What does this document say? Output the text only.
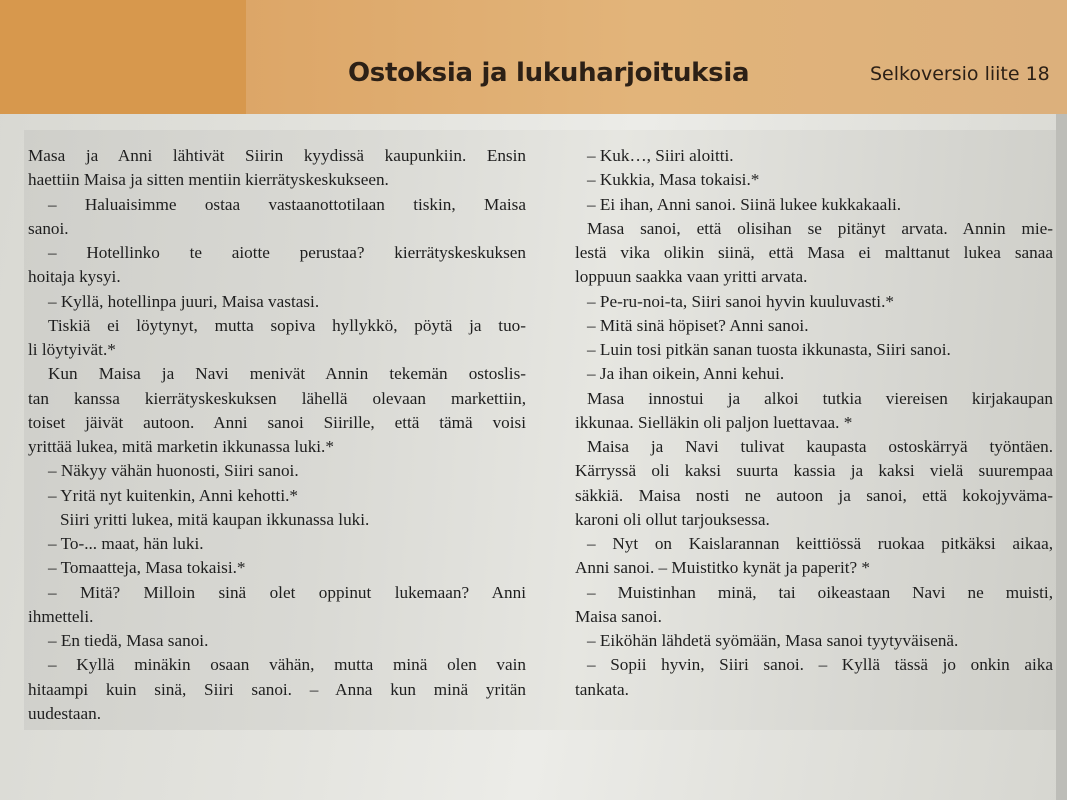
Ostoksia ja lukuharjoituksia	Selkoversio liite 18
Masa ja Anni lähtivät Siirin kyydissä kaupunkiin. Ensin
haettiin Maisa ja sitten mentiin kierrätyskeskukseen.
– Haluaisimme ostaa vastaanottotilaan tiskin, Maisa
sanoi.
– Hotellinko te aiotte perustaa? kierrätyskeskuksen
hoitaja kysyi.
– Kyllä, hotellinpa juuri, Maisa vastasi.
Tiskiä ei löytynyt, mutta sopiva hyllykkö, pöytä ja tuo-
li löytyivät.*
Kun Maisa ja Navi menivät Annin tekemän ostoslis-
tan kanssa kierrätyskeskuksen lähellä olevaan markettiin,
toiset jäivät autoon. Anni sanoi Siirille, että tämä voisi
yrittää lukea, mitä marketin ikkunassa luki.*
– Näkyy vähän huonosti, Siiri sanoi.
– Yritä nyt kuitenkin, Anni kehotti.*
Siiri yritti lukea, mitä kaupan ikkunassa luki.
– To-... maat, hän luki.
– Tomaatteja, Masa tokaisi.*
– Mitä? Milloin sinä olet oppinut lukemaan? Anni
ihmetteli.
– En tiedä, Masa sanoi.
– Kyllä minäkin osaan vähän, mutta minä olen vain
hitaampi kuin sinä, Siiri sanoi. – Anna kun minä yritän
uudestaan.
– Kuk…, Siiri aloitti.
– Kukkia, Masa tokaisi.*
– Ei ihan, Anni sanoi. Siinä lukee kukkakaali.
Masa sanoi, että olisihan se pitänyt arvata. Annin mie-
lestä vika olikin siinä, että Masa ei malttanut lukea sanaa
loppuun saakka vaan yritti arvata.
– Pe-ru-noi-ta, Siiri sanoi hyvin kuuluvasti.*
– Mitä sinä höpiset? Anni sanoi.
– Luin tosi pitkän sanan tuosta ikkunasta, Siiri sanoi.
– Ja ihan oikein, Anni kehui.
Masa innostui ja alkoi tutkia viereisen kirjakaupan
ikkunaa. Sielläkin oli paljon luettavaa. *
Maisa ja Navi tulivat kaupasta ostoskärryä työntäen.
Kärryssä oli kaksi suurta kassia ja kaksi vielä suurempaa
säkkiä. Maisa nosti ne autoon ja sanoi, että kokojyvämа-
karoni oli ollut tarjouksessa.
– Nyt on Kaislarannan keittiössä ruokaa pitkäksi aikaa,
Anni sanoi. – Muistitko kynät ja paperit? *
– Muistinhan minä, tai oikeastaan Navi ne muisti,
Maisa sanoi.
– Eiköhän lähdetä syömään, Masa sanoi tyytyväisenä.
– Sopii hyvin, Siiri sanoi. – Kyllä tässä jo onkin aika
tankata.
